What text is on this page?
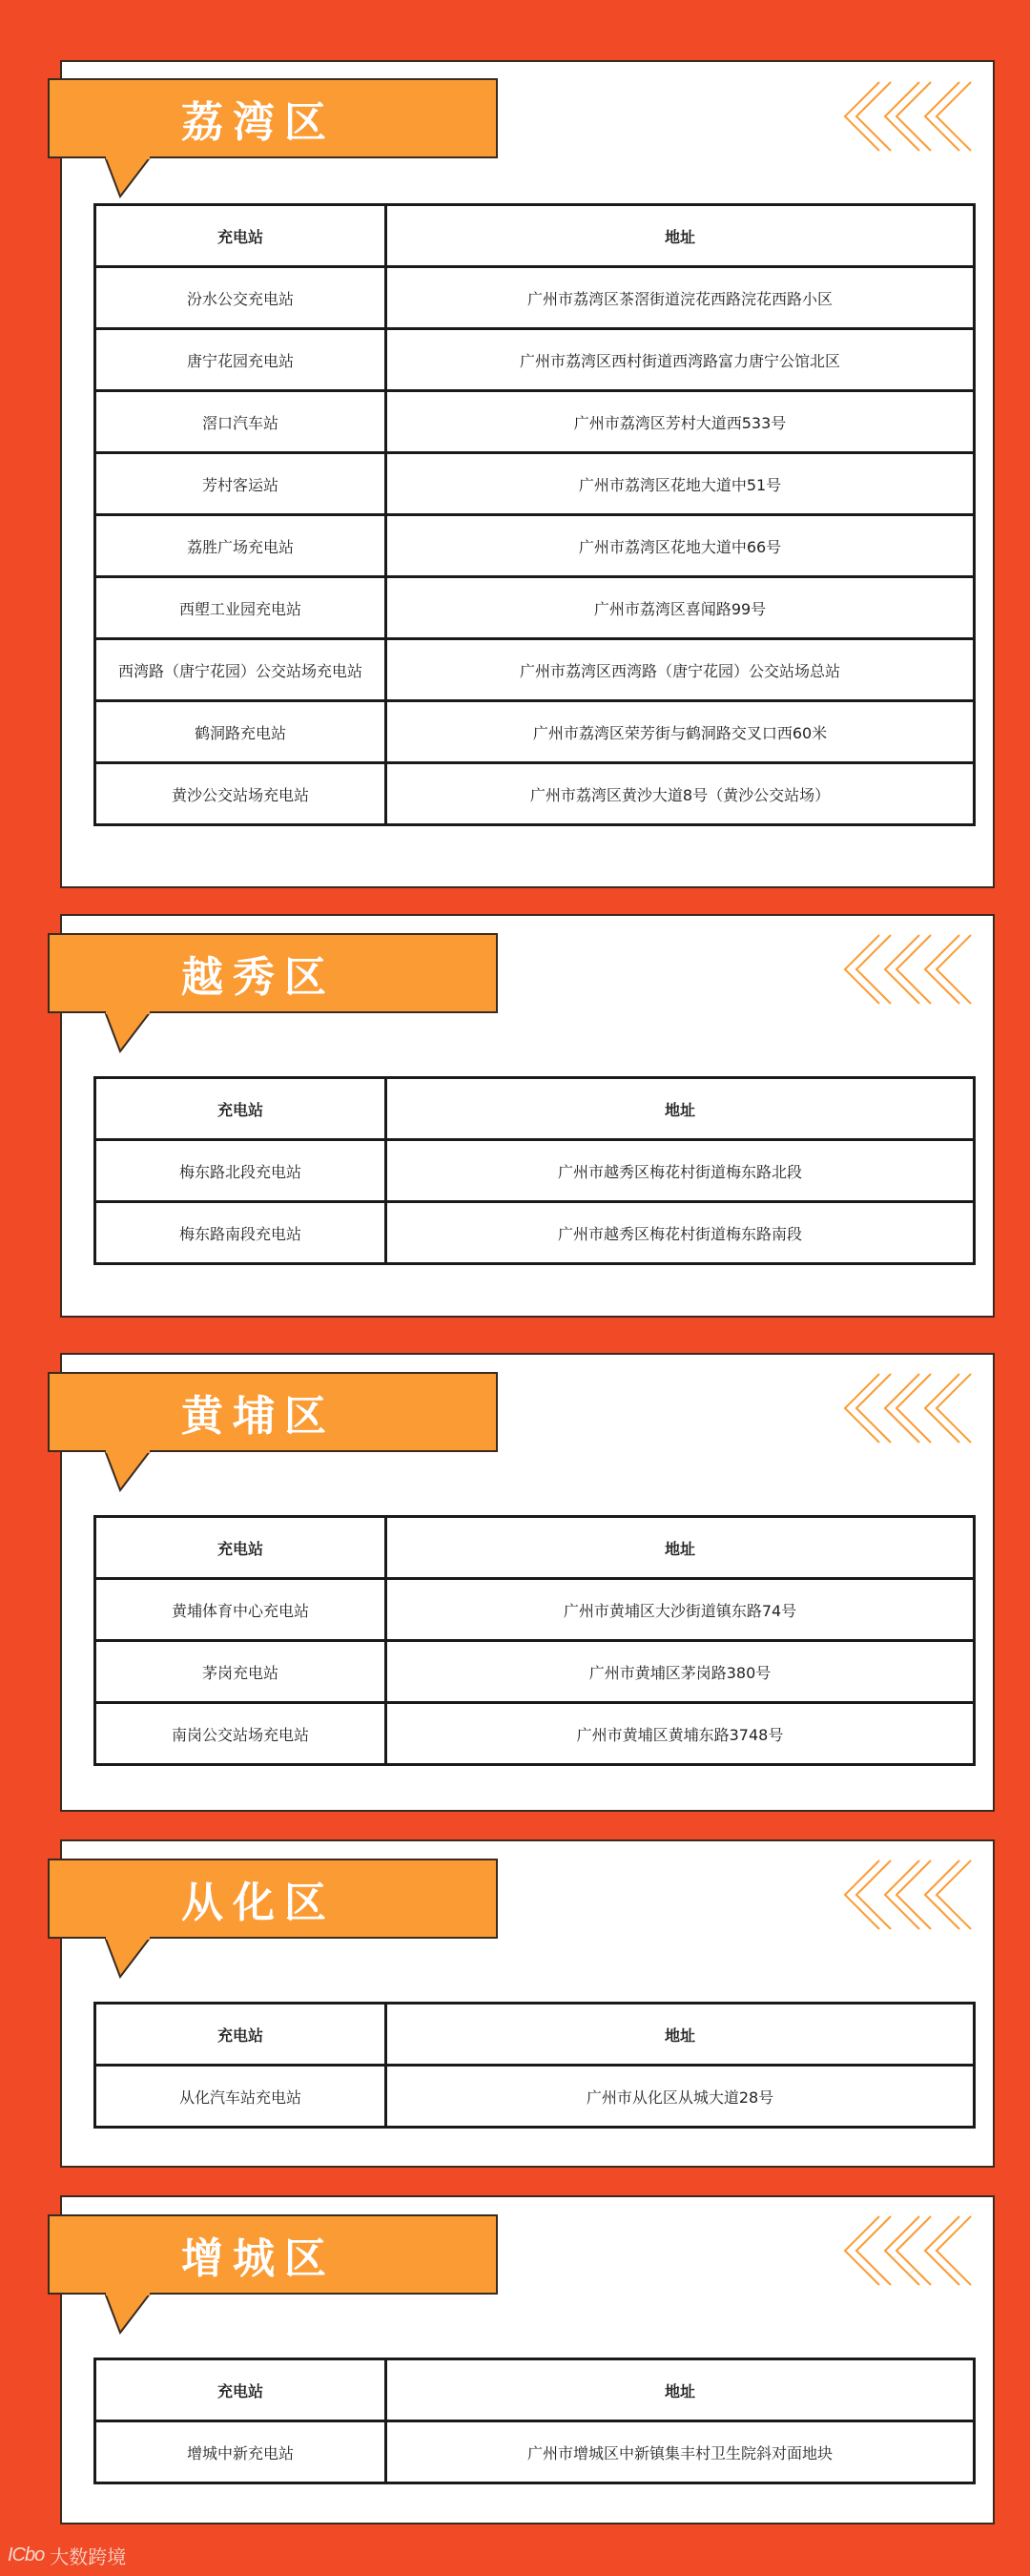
荔湾区
充电站	地址
汾水公交充电站	广州市荔湾区茶滘街道浣花西路浣花西路小区
唐宁花园充电站	广州市荔湾区西村街道西湾路富力唐宁公馆北区
滘口汽车站	广州市荔湾区芳村大道西533号
芳村客运站	广州市荔湾区花地大道中51号
荔胜广场充电站	广州市荔湾区花地大道中66号
西塱工业园充电站	广州市荔湾区喜闻路99号
西湾路（唐宁花园）公交站场充电站	广州市荔湾区西湾路（唐宁花园）公交站场总站
鹤洞路充电站	广州市荔湾区荣芳街与鹤洞路交叉口西60米
黄沙公交站场充电站	广州市荔湾区黄沙大道8号（黄沙公交站场）
越秀区
充电站	地址
梅东路北段充电站	广州市越秀区梅花村街道梅东路北段
梅东路南段充电站	广州市越秀区梅花村街道梅东路南段
黄埔区
充电站	地址
黄埔体育中心充电站	广州市黄埔区大沙街道镇东路74号
茅岗充电站	广州市黄埔区茅岗路380号
南岗公交站场充电站	广州市黄埔区黄埔东路3748号
从化区
充电站	地址
从化汽车站充电站	广州市从化区从城大道28号
增城区
充电站	地址
增城中新充电站	广州市增城区中新镇集丰村卫生院斜对面地块
ICbo 大数跨境
